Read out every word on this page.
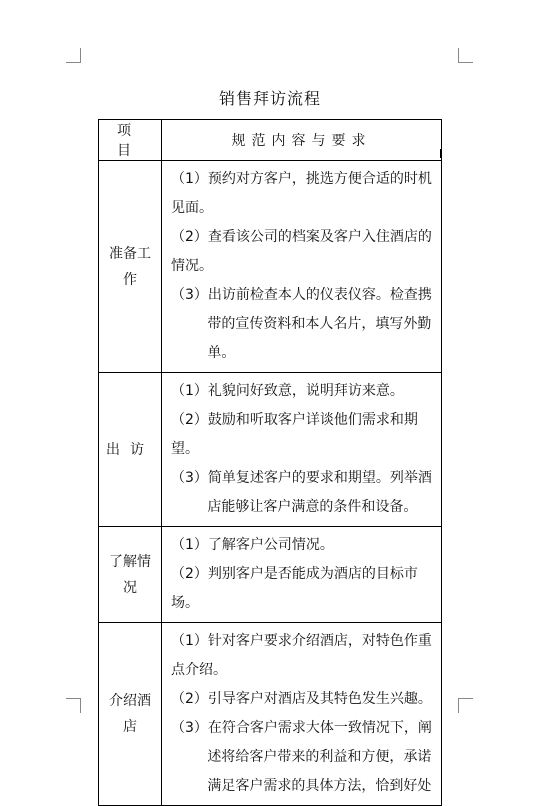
销售拜访流程
项 目	规范内容与要求
准备工作	（1）预约对方客户，挑选方便合适的时机见面。
（2）查看该公司的档案及客户入住酒店的情况。
（3）出访前检查本人的仪表仪容。检查携带的宣传资料和本人名片，填写外勤单。

出访	（1）礼貌问好致意，说明拜访来意。
（2）鼓励和听取客户详谈他们需求和期望。
（3）简单复述客户的要求和期望。列举酒店能够让客户满意的条件和设备。

了解情况	（1）了解客户公司情况。
（2）判别客户是否能成为酒店的目标市场。

介绍酒店	（1）针对客户要求介绍酒店，对特色作重点介绍。
（2）引导客户对酒店及其特色发生兴趣。
（3）在符合客户需求大体一致情况下，阐述将给客户带来的利益和方便，承诺满足客户需求的具体方法，恰到好处
